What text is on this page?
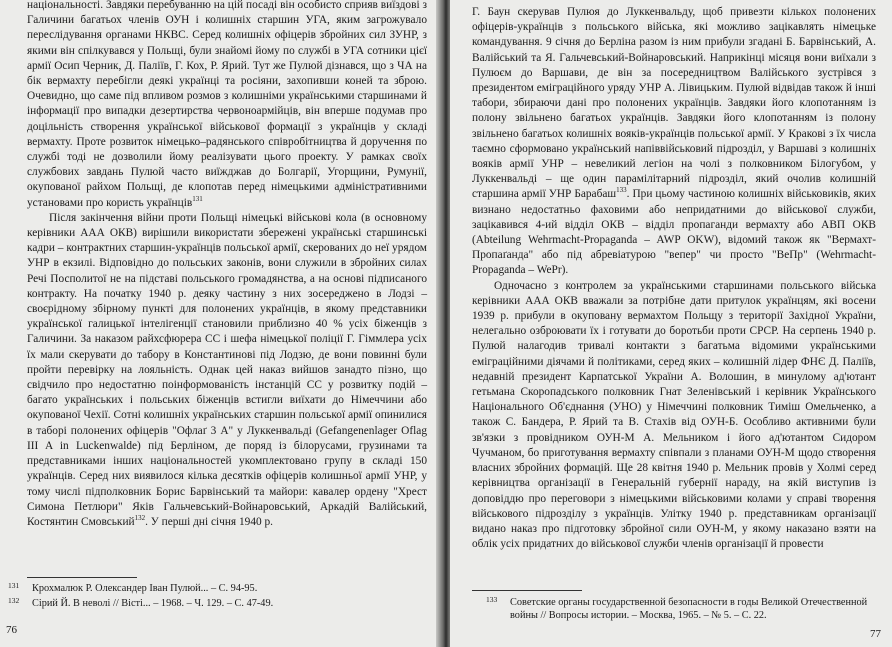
національності. Завдяки перебуванню на цій посаді він особисто сприяв виїздові з Галичини багатьох членів ОУН і колишніх старшин УГА, яким загрожувало переслідування органами НКВС. Серед колишніх офіцерів збройних сил ЗУНР, з якими він спілкувався у Польщі, були знайомі йому по службі в УГА сотники цієї армії Осип Черник, Д. Паліїв, Г. Кох, Р. Ярий. Тут же Пулюй дізнався, що з ЧА на бік вермахту перебігли деякі українці та росіяни, захопивши коней та зброю. Очевидно, що саме під впливом розмов з колишніми українськими старшинами й інформації про випадки дезертирства червоноармійців, він вперше подумав про доцільність створення української військової формації з українців у складі вермахту. Проте розвиток німецько–радянського співробітництва й доручення по службі тоді не дозволили йому реалізувати цього проекту. У рамках своїх службових завдань Пулюй часто виїжджав до Болгарії, Угорщини, Румунії, окупованої райхом Польщі, де клопотав перед німецькими адміністративними установами про користь українців$^{131}$

Після закінчення війни проти Польщі німецькі військові кола (в основному керівники ААА ОКВ) вирішили використати збережені українські старшинські кадри – контрактних старшин-українців польської армії, скерованих до неї урядом УНР в екзилі. Відповідно до польських законів, вони служили в збройних силах Речі Посполитої не на підставі польського громадянства, а на основі підписаного контракту. На початку 1940 р. деяку частину з них зосереджено в Лодзі – своєрідному збірному пункті для полонених українців, в якому представники української галицької інтелігенції становили приблизно 40 % усіх біженців з Галичини. За наказом райхсфюрера СС і шефа німецької поліції Г. Гіммлера усіх їх мали скерувати до табору в Константинові під Лодзю, де вони повинні були пройти перевірку на лояльність. Однак цей наказ вийшов занадто пізно, що свідчило про недостатню поінформованість інстанцій СС у розвитку подій – багато українських і польських біженців встигли виїхати до Німеччини або окупованої Чехії. Сотні колишніх українських старшин польської армії опинилися в таборі полонених офіцерів "Офлаґ 3 А" у Луккенвальді (Gefangenenlager Oflag III A in Luckenwalde) під Берліном, де поряд із білорусами, грузинами та представниками інших національностей укомплектовано групу в складі 150 українців. Серед них виявилося кілька десятків офіцерів колишньої армії УНР, у тому числі підполковник Борис Барвінський та майори: кавалер ордену "Хрест Симона Петлюри" Яків Гальчевський-Войнаровський, Аркадій Валійський, Костянтин Смовський$^{132}$. У перші дні січня 1940 р.

131	Крохмалюк Р. Олександер Іван Пулюй... – С. 94-95.
132	Сірий Й. В неволі // Вісті... – 1968. – Ч. 129. – С. 47-49.
76

Г. Баун скерував Пулюя до Луккенвальду, щоб привезти кількох полонених офіцерів-українців з польського війська, які можливо зацікавлять німецьке командування. 9 січня до Берліна разом із ним прибули згадані Б. Барвінський, А. Валійський та Я. Гальчевський-Войнаровський. Наприкінці місяця вони виїхали з Пулюєм до Варшави, де він за посередництвом Валійського зустрівся з президентом еміграційного уряду УНР А. Лівицьким. Пулюй відвідав також й інші табори, збираючи дані про полонених українців. Завдяки його клопотанням із полону звільнено багатьох українців. Завдяки його клопотанням із полону звільнено багатьох колишніх вояків-українців польської армії. У Кракові з їх числа таємно сформовано український напіввійськовий підрозділ, у Варшаві з колишніх вояків армії УНР – невеликий легіон на чолі з полковником Білогубом, у Луккенвальді – ще один парамілітарний підрозділ, який очолив колишній старшина армії УНР Барабаш$^{133}$. При цьому частиною колишніх військовиків, яких визнано недостатньо фаховими або непридатними до військової служби, зацікавився 4-ий відділ ОКВ – відділ пропаганди вермахту або АВП ОКВ (Abteilung Wehrmacht-Propaganda – AWP OKW), відомий також як "Вермахт-Пропаґанда" або під абревіатурою "вепер" чи просто "ВеПр" (Wehrmacht-Propaganda – WePr).

Одночасно з контролем за українськими старшинами польського війська керівники ААА ОКВ вважали за потрібне дати притулок українцям, які восени 1939 р. прибули в окуповану вермахтом Польщу з території Західної України, нелегально озброювати їх і готувати до боротьби проти СРСР. На серпень 1940 р. Пулюй налагодив тривалі контакти з багатьма відомими українськими еміграційними діячами й політиками, серед яких – колишній лідер ФНЄ Д. Паліїв, недавній президент Карпатської України А. Волошин, в минулому ад'ютант гетьмана Скоропадського полковник Гнат Зеленівський і керівник Українського Національного Об'єднання (УНО) у Німеччині полковник Тиміш Омельченко, а також С. Бандера, Р. Ярий та В. Стахів від ОУН-Б. Особливо активними були зв'язки з провідником ОУН-М А. Мельником і його ад'ютантом Сидором Чучманом, бо приготування вермахту співпали з планами ОУН-М щодо створення власних збройних формацій. Ще 28 квітня 1940 р. Мельник провів у Холмі серед керівництва організації в Генеральній губернії нараду, на якій виступив із доповіддю про переговори з німецькими військовими колами у справі творення військового підрозділу з українців. Улітку 1940 р. представникам організації видано наказ про підготовку збройної сили ОУН-М, у якому наказано взяти на облік усіх придатних до військової служби членів організації й провести

133	Советские органы государственной безопасности в годы Великой Отечественной войны // Вопросы истории. – Москва, 1965. – № 5. – С. 22.
77
